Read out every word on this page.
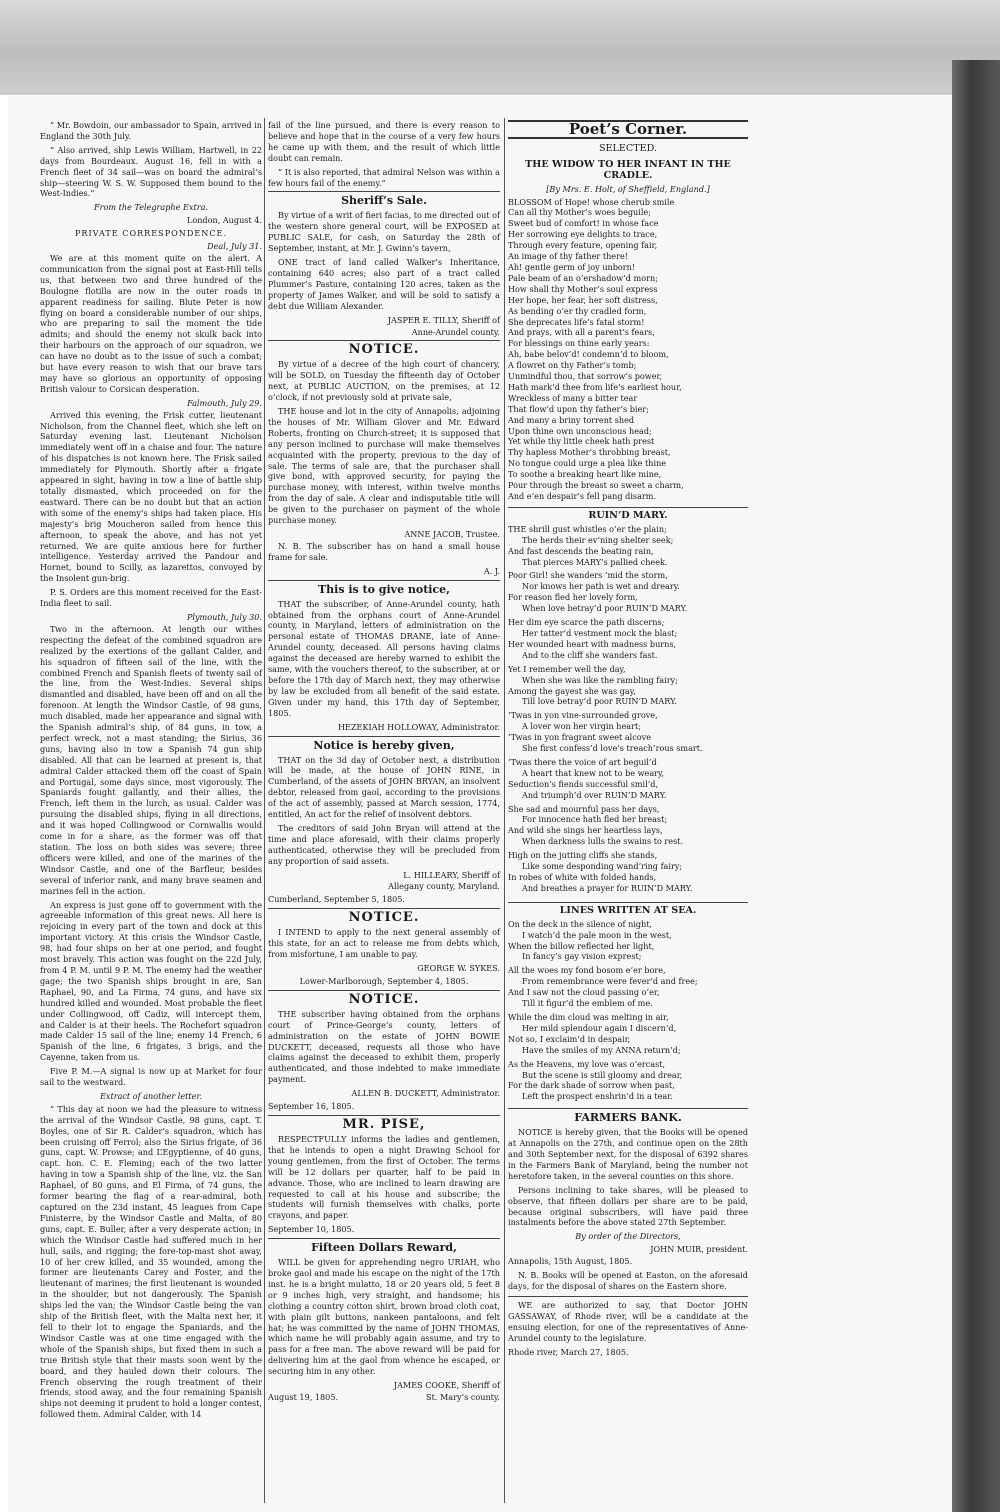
“ Mr. Bowdoin, our ambassador to Spain, arrived in England the 30th July.

“ Also arrived, ship Lewis William, Hartwell, in 22 days from Bourdeaux. August 16, fell in with a French fleet of 34 sail—was on board the admiral’s ship—steering W. S. W. Supposed them bound to the West-Indies.”

From the Telegraphe Extra.
London, August 4.
PRIVATE CORRESPONDENCE.
Deal, July 31.

We are at this moment quite on the alert. A communication from the signal post at East-Hill tells us, that between two and three hundred of the Boulogne flotilla are now in the outer roads in apparent readiness for sailing. Blute Peter is now flying on board a considerable number of our ships, who are preparing to sail the moment the tide admits; and should the enemy not skulk back into their harbours on the approach of our squadron, we can have no doubt as to the issue of such a combat; but have every reason to wish that our brave tars may have so glorious an opportunity of opposing British valour to Corsican desperation.

Falmouth, July 29.

Arrived this evening, the Frisk cutter, lieutenant Nicholson, from the Channel fleet, which she left on Saturday evening last. Lieutenant Nicholson immediately went off in a chaise and four. The nature of his dispatches is not known here. The Frisk sailed immediately for Plymouth. Shortly after a frigate appeared in sight, having in tow a line of battle ship totally dismasted, which proceeded on for the eastward. There can be no doubt but that an action with some of the enemy’s ships had taken place. His majesty’s brig Moucheron sailed from hence this afternoon, to speak the above, and has not yet returned. We are quite anxious here for further intelligence. Yesterday arrived the Pandour and Hornet, bound to Scilly, as lazarettos, convoyed by the Insolent gun-brig.

P. S. Orders are this moment received for the East-India fleet to sail.

Plymouth, July 30.

Two in the afternoon. At length our withes respecting the defeat of the combined squadron are realized by the exertions of the gallant Calder, and his squadron of fifteen sail of the line, with the combined French and Spanish fleets of twenty sail of the line, from the West-Indies. Several ships dismantled and disabled, have been off and on all the forenoon. At length the Windsor Castle, of 98 guns, much disabled, made her appearance and signal with the Spanish admiral’s ship, of 84 guns, in tow, a perfect wreck, not a mast standing; the Sirius, 36 guns, having also in tow a Spanish 74 gun ship disabled. All that can be learned at present is, that admiral Calder attacked them off the coast of Spain and Portugal, some days since, most vigorously. The Spaniards fought gallantly, and their allies, the French, left them in the lurch, as usual. Calder was pursuing the disabled ships, flying in all directions, and it was hoped Collingwood or Cornwallis would come in for a share, as the former was off that station. The loss on both sides was severe; three officers were killed, and one of the marines of the Windsor Castle, and one of the Barfleur, besides several of inferior rank, and many brave seamen and marines fell in the action.

An express is just gone off to government with the agreeable information of this great news. All here is rejoicing in every part of the town and dock at this important victory. At this crisis the Windsor Castle, 98, had four ships on her at one period, and fought most bravely. This action was fought on the 22d July, from 4 P. M. until 9 P. M. The enemy had the weather gage; the two Spanish ships brought in are, San Raphael, 90, and La Firma, 74 guns, and have six hundred killed and wounded. Most probable the fleet under Collingwood, off Cadiz, will intercept them, and Calder is at their heels. The Rochefort squadron made Calder 15 sail of the line; enemy 14 French, 6 Spanish of the line, 6 frigates, 3 brigs, and the Cayenne, taken from us.

Five P. M.—A signal is now up at Market for four sail to the westward.

Extract of another letter.

“ This day at noon we had the pleasure to witness the arrival of the Windsor Castle, 98 guns, capt. T. Boyles, one of Sir R. Calder’s squadron, which has been cruising off Ferrol; also the Sirius frigate, of 36 guns, capt. W. Prowse; and L’Egyptienne, of 40 guns, capt. hon. C. E. Fleming; each of the two latter having in tow a Spanish ship of the line, viz. the San Raphael, of 80 guns, and El Firma, of 74 guns, the former bearing the flag of a rear-admiral, both captured on the 23d instant, 45 leagues from Cape Finisterre, by the Windsor Castle and Malta, of 80 guns, capt. E. Buller, after a very desperate action; in which the Windsor Castle had suffered much in her hull, sails, and rigging; the fore-top-mast shot away, 10 of her crew killed, and 35 wounded, among the former are lieutenants Carey and Foster, and the lieutenant of marines; the first lieutenant is wounded in the shoulder, but not dangerously. The Spanish ships led the van; the Windsor Castle being the van ship of the British fleet, with the Malta next her, it fell to their lot to engage the Spaniards, and the Windsor Castle was at one time engaged with the whole of the Spanish ships, but fixed them in such a true British style that their masts soon went by the board, and they hauled down their colours. The French observing the rough treatment of their friends, stood away, and the four remaining Spanish ships not deeming it prudent to hold a longer contest, followed them. Admiral Calder, with 14

fail of the line pursued, and there is every reason to believe and hope that in the course of a very few hours he came up with them, and the result of which little doubt can remain.

“ It is also reported, that admiral Nelson was within a few hours fail of the enemy.”

Sheriff’s Sale.

By virtue of a writ of fieri facias, to me directed out of the western shore general court, will be EXPOSED at PUBLIC SALE, for cash, on Saturday the 28th of September, instant, at Mr. J. Gwinn’s tavern,

ONE tract of land called Walker’s Inheritance, containing 640 acres; also part of a tract called Plummer’s Pasture, containing 120 acres, taken as the property of James Walker, and will be sold to satisfy a debt due William Alexander.

JASPER E. TILLY, Sheriff of
Anne-Arundel county.
NOTICE.

By virtue of a decree of the high court of chancery, will be SOLD, on Tuesday the fifteenth day of October next, at PUBLIC AUCTION, on the premises, at 12 o’clock, if not previously sold at private sale,

THE house and lot in the city of Annapolis, adjoining the houses of Mr. William Glover and Mr. Edward Roberts, fronting on Church-street; it is supposed that any person inclined to purchase will make themselves acquainted with the property, previous to the day of sale. The terms of sale are, that the purchaser shall give bond, with approved security, for paying the purchase money, with interest, within twelve months from the day of sale. A clear and indisputable title will be given to the purchaser on payment of the whole purchase money.

ANNE JACOB, Trustee.

N. B. The subscriber has on hand a small house frame for sale.

A. J.
This is to give notice,

THAT the subscriber, of Anne-Arundel county, hath obtained from the orphans court of Anne-Arundel county, in Maryland, letters of administration on the personal estate of THOMAS DRANE, late of Anne-Arundel county, deceased. All persons having claims against the deceased are hereby warned to exhibit the same, with the vouchers thereof, to the subscriber, at or before the 17th day of March next, they may otherwise by law be excluded from all benefit of the said estate. Given under my hand, this 17th day of September, 1805.

HEZEKIAH HOLLOWAY, Administrator.
Notice is hereby given,

THAT on the 3d day of October next, a distribution will be made, at the house of JOHN RINE, in Cumberland, of the assets of JOHN BRYAN, an insolvent debtor, released from gaol, according to the provisions of the act of assembly, passed at March session, 1774, entitled, An act for the relief of insolvent debtors.

The creditors of said John Bryan will attend at the time and place aforesaid, with their claims properly authenticated, otherwise they will be precluded from any proportion of said assets.

L. HILLEARY, Sheriff of
Allegany county, Maryland.
Cumberland, September 5, 1805.
NOTICE.

I INTEND to apply to the next general assembly of this state, for an act to release me from debts which, from misfortune, I am unable to pay.

GEORGE W. SYKES.
Lower-Marlborough, September 4, 1805.
NOTICE.

THE subscriber having obtained from the orphans court of Prince-George’s county, letters of administration on the estate of JOHN BOWIE DUCKETT, deceased, requests all those who have claims against the deceased to exhibit them, properly authenticated, and those indebted to make immediate payment.

ALLEN B. DUCKETT, Administrator.
September 16, 1805.
MR. PISE,

RESPECTFULLY informs the ladies and gentlemen, that he intends to open a night Drawing School for young gentlemen, from the first of October. The terms will be 12 dollars per quarter, half to be paid in advance. Those, who are inclined to learn drawing are requested to call at his house and subscribe; the students will furnish themselves with chalks, porte crayons, and paper.

September 10, 1805.
Fifteen Dollars Reward,

WILL be given for apprehending negro URIAH, who broke gaol and made his escape on the night of the 17th inst. he is a bright mulatto, 18 or 20 years old, 5 feet 8 or 9 inches high, very straight, and handsome; his clothing a country cotton shirt, brown broad cloth coat, with plain gilt buttons, nankeen pantaloons, and felt hat; he was committed by the name of JOHN THOMAS, which name he will probably again assume, and try to pass for a free man. The above reward will be paid for delivering him at the gaol from whence he escaped, or securing him in any other.

JAMES COOKE, Sheriff of
August 19, 1805.	St. Mary’s county.
Poet’s Corner.
SELECTED.
THE WIDOW TO HER INFANT IN THE CRADLE.
[By Mrs. E. Holt, of Sheffield, England.]
BLOSSOM of Hope! whose cherub smile
Can all thy Mother’s woes beguile;
Sweet bud of comfort! in whose face
Her sorrowing eye delights to trace,
Through every feature, opening fair,
An image of thy father there!
Ah! gentle germ of joy unborn!
Pale beam of an o’ershadow’d morn;
How shall thy Mother’s soul express
Her hope, her fear, her soft distress,
As bending o’er thy cradled form,
She deprecates life’s fatal storm!
And prays, with all a parent’s fears,
For blessings on thine early years:
Ah, babe belov’d! condemn’d to bloom,
A flowret on thy Father’s tomb;
Unmindful thou, that sorrow’s power,
Hath mark’d thee from life’s earliest hour,
Wreckless of many a bitter tear
That flow’d upon thy father’s bier;
And many a briny torrent shed
Upon thine own unconscious head;
Yet while thy little cheek hath prest
Thy hapless Mother’s throbbing breast,
No tongue could urge a plea like thine
To soothe a breaking heart like mine,
Pour through the breast so sweet a charm,
And e’en despair’s fell pang disarm.
RUIN’D MARY.
THE shrill gust whistles o’er the plain;
The herds their ev’ning shelter seek;
And fast descends the beating rain,
That pierces MARY’s pallied cheek.
Poor Girl! she wanders ’mid the storm,
Nor knows her path is wet and dreary.
For reason fled her lovely form,
When love betray’d poor RUIN’D MARY.
Her dim eye scarce the path discerns;
Her tatter’d vestment mock the blast;
Her wounded heart with madness burns,
And to the cliff she wanders fast.
Yet I remember well the day,
When she was like the rambling fairy;
Among the gayest she was gay,
Till love betray’d poor RUIN’D MARY.
’Twas in yon vine-surrounded grove,
A lover won her virgin heart;
’Twas in yon fragrant sweet alcove
She first confess’d love’s treach’rous smart.
’Twas there the voice of art beguil’d
A heart that knew not to be weary,
Seduction’s fiends successful smil’d,
And triumph’d over RUIN’D MARY.
She sad and mournful pass her days,
For innocence hath fled her breast;
And wild she sings her heartless lays,
When darkness lulls the swains to rest.
High on the jutting cliffs she stands,
Like some desponding wand’ring fairy;
In robes of white with folded hands,
And breathes a prayer for RUIN’D MARY.
LINES WRITTEN AT SEA.
On the deck in the silence of night,
I watch’d the pale moon in the west,
When the billow reflected her light,
In fancy’s gay vision exprest;
All the woes my fond bosom e’er bore,
From remembrance were fever’d and free;
And I saw not the cloud passing o’er,
Till it figur’d the emblem of me.
While the dim cloud was melting in air,
Her mild splendour again I discern’d,
Not so, I exclaim’d in despair,
Have the smiles of my ANNA return’d;
As the Heavens, my love was o’ercast,
But the scene is still gloomy and drear,
For the dark shade of sorrow when past,
Left the prospect enshrin’d in a tear.
FARMERS BANK.

NOTICE is hereby given, that the Books will be opened at Annapolis on the 27th, and continue open on the 28th and 30th September next, for the disposal of 6392 shares in the Farmers Bank of Maryland, being the number not heretofore taken, in the several counties on this shore.

Persons inclining to take shares, will be pleased to observe, that fifteen dollars per share are to be paid, because original subscribers, will have paid three instalments before the above stated 27th September.

By order of the Directors,
JOHN MUIR, president.

Annapolis, 15th August, 1805.

N. B. Books will be opened at Easton, on the aforesaid days, for the disposal of shares on the Eastern shore.

WE are authorized to say, that Doctor JOHN GASSAWAY, of Rhode river, will be a candidate at the ensuing election, for one of the representatives of Anne-Arundel county to the legislature.

Rhode river, March 27, 1805.
